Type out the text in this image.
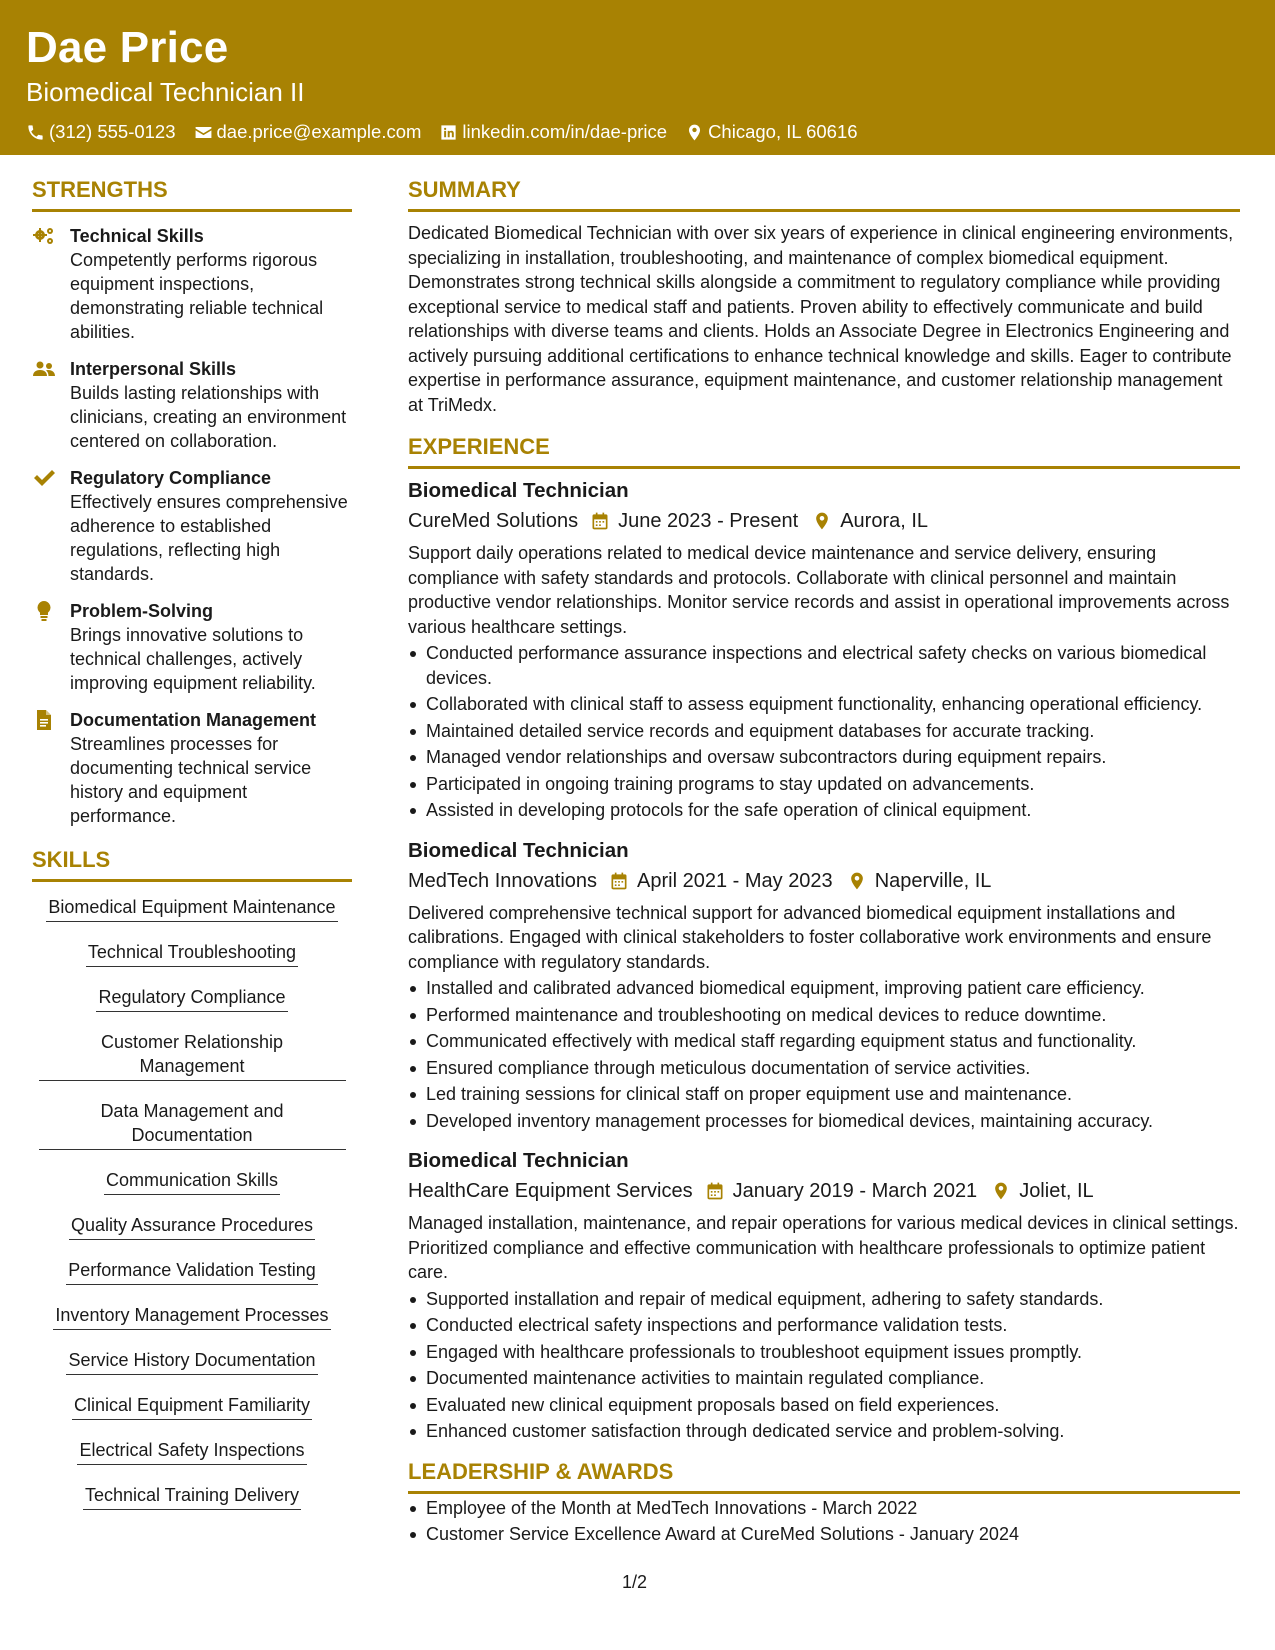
Dae Price
Biomedical Technician II
(312) 555-0123 dae.price@example.com linkedin.com/in/dae-price Chicago, IL 60616
STRENGTHS
Technical Skills
Competently performs rigorous equipment inspections, demonstrating reliable technical abilities.
Interpersonal Skills
Builds lasting relationships with clinicians, creating an environment centered on collaboration.
Regulatory Compliance
Effectively ensures comprehensive adherence to established regulations, reflecting high standards.
Problem-Solving
Brings innovative solutions to technical challenges, actively improving equipment reliability.
Documentation Management
Streamlines processes for documenting technical service history and equipment performance.
SKILLS
Biomedical Equipment Maintenance
Technical Troubleshooting
Regulatory Compliance
Customer Relationship Management
Data Management and Documentation
Communication Skills
Quality Assurance Procedures
Performance Validation Testing
Inventory Management Processes
Service History Documentation
Clinical Equipment Familiarity
Electrical Safety Inspections
Technical Training Delivery
SUMMARY
Dedicated Biomedical Technician with over six years of experience in clinical engineering environments, specializing in installation, troubleshooting, and maintenance of complex biomedical equipment. Demonstrates strong technical skills alongside a commitment to regulatory compliance while providing exceptional service to medical staff and patients. Proven ability to effectively communicate and build relationships with diverse teams and clients. Holds an Associate Degree in Electronics Engineering and actively pursuing additional certifications to enhance technical knowledge and skills. Eager to contribute expertise in performance assurance, equipment maintenance, and customer relationship management at TriMedx.
EXPERIENCE
Biomedical Technician
CureMed Solutions June 2023 - Present Aurora, IL
Support daily operations related to medical device maintenance and service delivery, ensuring compliance with safety standards and protocols. Collaborate with clinical personnel and maintain productive vendor relationships. Monitor service records and assist in operational improvements across various healthcare settings.
Conducted performance assurance inspections and electrical safety checks on various biomedical devices.
Collaborated with clinical staff to assess equipment functionality, enhancing operational efficiency.
Maintained detailed service records and equipment databases for accurate tracking.
Managed vendor relationships and oversaw subcontractors during equipment repairs.
Participated in ongoing training programs to stay updated on advancements.
Assisted in developing protocols for the safe operation of clinical equipment.
Biomedical Technician
MedTech Innovations April 2021 - May 2023 Naperville, IL
Delivered comprehensive technical support for advanced biomedical equipment installations and calibrations. Engaged with clinical stakeholders to foster collaborative work environments and ensure compliance with regulatory standards.
Installed and calibrated advanced biomedical equipment, improving patient care efficiency.
Performed maintenance and troubleshooting on medical devices to reduce downtime.
Communicated effectively with medical staff regarding equipment status and functionality.
Ensured compliance through meticulous documentation of service activities.
Led training sessions for clinical staff on proper equipment use and maintenance.
Developed inventory management processes for biomedical devices, maintaining accuracy.
Biomedical Technician
HealthCare Equipment Services January 2019 - March 2021 Joliet, IL
Managed installation, maintenance, and repair operations for various medical devices in clinical settings. Prioritized compliance and effective communication with healthcare professionals to optimize patient care.
Supported installation and repair of medical equipment, adhering to safety standards.
Conducted electrical safety inspections and performance validation tests.
Engaged with healthcare professionals to troubleshoot equipment issues promptly.
Documented maintenance activities to maintain regulated compliance.
Evaluated new clinical equipment proposals based on field experiences.
Enhanced customer satisfaction through dedicated service and problem-solving.
LEADERSHIP & AWARDS
Employee of the Month at MedTech Innovations - March 2022
Customer Service Excellence Award at CureMed Solutions - January 2024
1/2
